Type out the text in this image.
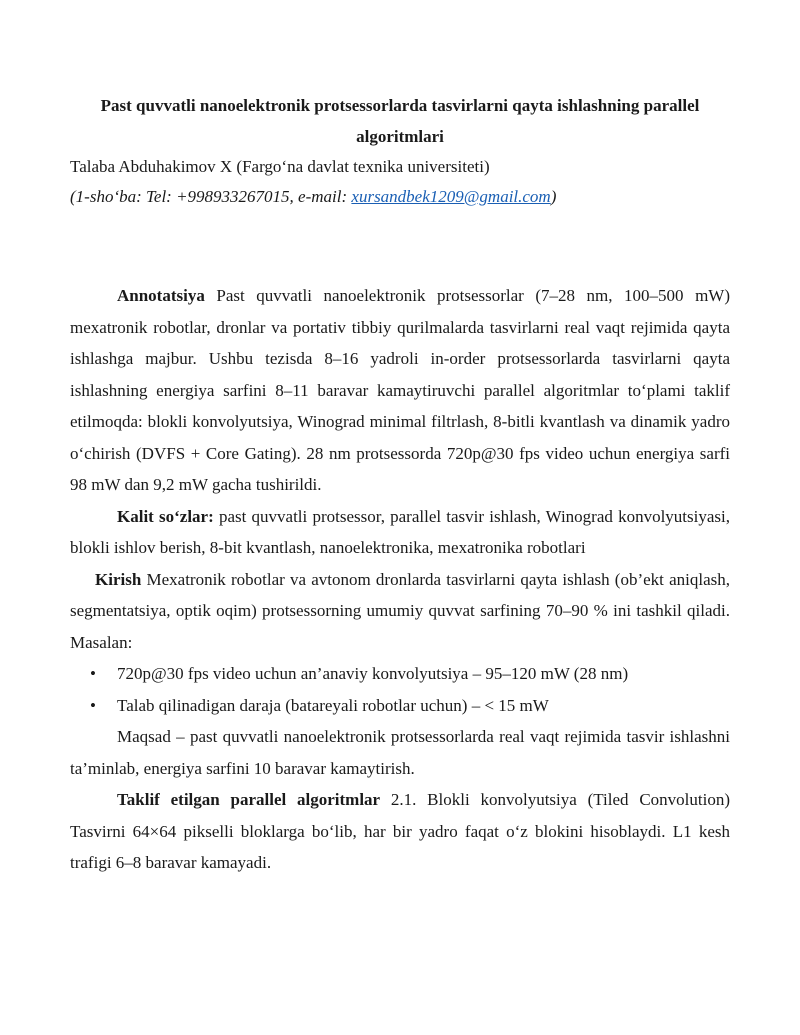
Past quvvatli nanoelektronik protsessorlarda tasvirlarni qayta ishlashning parallel algoritmlari

Talaba Abduhakimov X (Fargo‘na davlat texnika universiteti)

(1-sho‘ba: Tel: +998933267015, e-mail: xursandbek1209@gmail.com)

Annotatsiya Past quvvatli nanoelektronik protsessorlar (7–28 nm, 100–500 mW) mexatronik robotlar, dronlar va portativ tibbiy qurilmalarda tasvirlarni real vaqt rejimida qayta ishlashga majbur. Ushbu tezisda 8–16 yadroli in-order protsessorlarda tasvirlarni qayta ishlashning energiya sarfini 8–11 baravar kamaytiruvchi parallel algoritmlar to‘plami taklif etilmoqda: blokli konvolyutsiya, Winograd minimal filtrlash, 8-bitli kvantlash va dinamik yadro o‘chirish (DVFS + Core Gating). 28 nm protsessorda 720p@30 fps video uchun energiya sarfi 98 mW dan 9,2 mW gacha tushirildi.

Kalit so‘zlar: past quvvatli protsessor, parallel tasvir ishlash, Winograd konvolyutsiyasi, blokli ishlov berish, 8-bit kvantlash, nanoelektronika, mexatronika robotlari

Kirish Mexatronik robotlar va avtonom dronlarda tasvirlarni qayta ishlash (ob’ekt aniqlash, segmentatsiya, optik oqim) protsessorning umumiy quvvat sarfining 70–90 % ini tashkil qiladi. Masalan:

• 720p@30 fps video uchun an’anaviy konvolyutsiya – 95–120 mW (28 nm)
• Talab qilinadigan daraja (batareyali robotlar uchun) – < 15 mW

Maqsad – past quvvatli nanoelektronik protsessorlarda real vaqt rejimida tasvir ishlashni ta’minlab, energiya sarfini 10 baravar kamaytirish.

Taklif etilgan parallel algoritmlar 2.1. Blokli konvolyutsiya (Tiled Convolution) Tasvirni 64×64 pikselli bloklarga bo‘lib, har bir yadro faqat o‘z blokini hisoblaydi. L1 kesh trafigi 6–8 baravar kamayadi.
